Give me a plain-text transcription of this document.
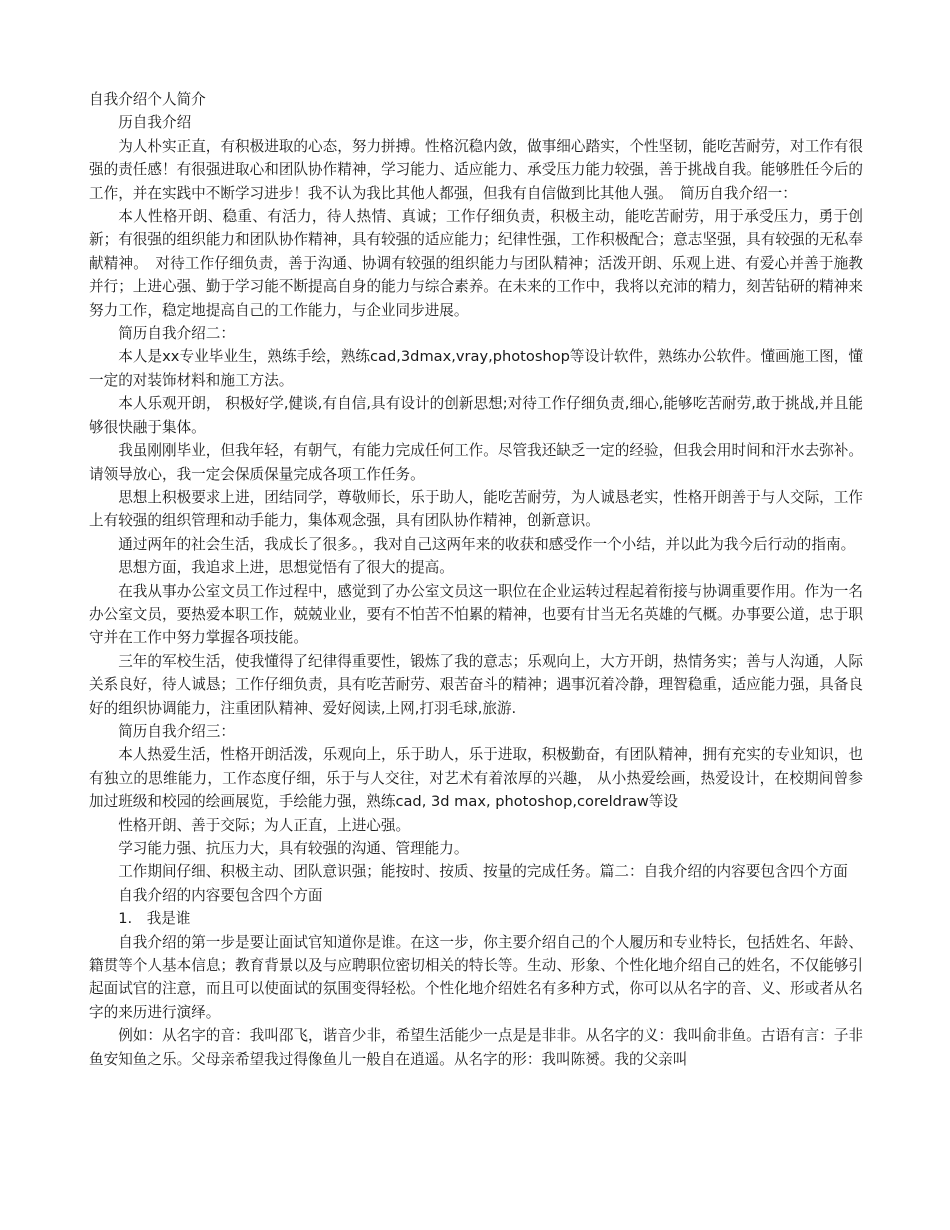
自我介绍个人简介

历自我介绍

为人朴实正直，有积极进取的心态，努力拼搏。性格沉稳内敛，做事细心踏实，个性坚韧，能吃苦耐劳，对工作有很强的责任感！有很强进取心和团队协作精神，学习能力、适应能力、承受压力能力较强，善于挑战自我。能够胜任今后的工作，并在实践中不断学习进步！我不认为我比其他人都强，但我有自信做到比其他人强。　简历自我介绍一：

本人性格开朗、稳重、有活力，待人热情、真诚；工作仔细负责，积极主动，能吃苦耐劳，用于承受压力，勇于创新；有很强的组织能力和团队协作精神，具有较强的适应能力；纪律性强，工作积极配合；意志坚强，具有较强的无私奉献精神。　对待工作仔细负责，善于沟通、协调有较强的组织能力与团队精神；活泼开朗、乐观上进、有爱心并善于施教并行；上进心强、勤于学习能不断提高自身的能力与综合素养。在未来的工作中，我将以充沛的精力，刻苦钻研的精神来努力工作，稳定地提高自己的工作能力，与企业同步进展。

简历自我介绍二：

本人是xx专业毕业生，熟练手绘，熟练cad,3dmax,vray,photoshop等设计软件，熟练办公软件。懂画施工图，懂一定的对装饰材料和施工方法。

本人乐观开朗， 积极好学,健谈,有自信,具有设计的创新思想;对待工作仔细负责,细心,能够吃苦耐劳,敢于挑战,并且能够很快融于集体。

我虽刚刚毕业，但我年轻，有朝气，有能力完成任何工作。尽管我还缺乏一定的经验，但我会用时间和汗水去弥补。请领导放心，我一定会保质保量完成各项工作任务。

思想上积极要求上进，团结同学，尊敬师长，乐于助人，能吃苦耐劳，为人诚恳老实，性格开朗善于与人交际，工作上有较强的组织管理和动手能力，集体观念强，具有团队协作精神，创新意识。

通过两年的社会生活，我成长了很多。，我对自己这两年来的收获和感受作一个小结，并以此为我今后行动的指南。

思想方面，我追求上进，思想觉悟有了很大的提高。

在我从事办公室文员工作过程中，感觉到了办公室文员这一职位在企业运转过程起着衔接与协调重要作用。作为一名办公室文员，要热爱本职工作，兢兢业业，要有不怕苦不怕累的精神，也要有甘当无名英雄的气概。办事要公道，忠于职守并在工作中努力掌握各项技能。

三年的军校生活，使我懂得了纪律得重要性，锻炼了我的意志；乐观向上，大方开朗，热情务实；善与人沟通，人际关系良好，待人诚恳；工作仔细负责，具有吃苦耐劳、艰苦奋斗的精神；遇事沉着冷静，理智稳重，适应能力强，具备良好的组织协调能力，注重团队精神、爱好阅读,上网,打羽毛球,旅游.

简历自我介绍三：

本人热爱生活，性格开朗活泼，乐观向上，乐于助人，乐于进取，积极勤奋，有团队精神，拥有充实的专业知识，也有独立的思维能力，工作态度仔细，乐于与人交往，对艺术有着浓厚的兴趣， 从小热爱绘画，热爱设计，在校期间曾参加过班级和校园的绘画展览，手绘能力强，熟练cad, 3d max, photoshop,coreldraw等设

性格开朗、善于交际；为人正直，上进心强。

学习能力强、抗压力大，具有较强的沟通、管理能力。

工作期间仔细、积极主动、团队意识强；能按时、按质、按量的完成任务。篇二：自我介绍的内容要包含四个方面

自我介绍的内容要包含四个方面

1.　我是谁

自我介绍的第一步是要让面试官知道你是谁。在这一步，你主要介绍自己的个人履历和专业特长，包括姓名、年龄、籍贯等个人基本信息；教育背景以及与应聘职位密切相关的特长等。生动、形象、个性化地介绍自己的姓名，不仅能够引起面试官的注意，而且可以使面试的氛围变得轻松。个性化地介绍姓名有多种方式，你可以从名字的音、义、形或者从名字的来历进行演绎。

例如：从名字的音：我叫邵飞，谐音少非，希望生活能少一点是是非非。从名字的义：我叫俞非鱼。古语有言：子非鱼安知鱼之乐。父母亲希望我过得像鱼儿一般自在逍遥。从名字的形：我叫陈赟。我的父亲叫
